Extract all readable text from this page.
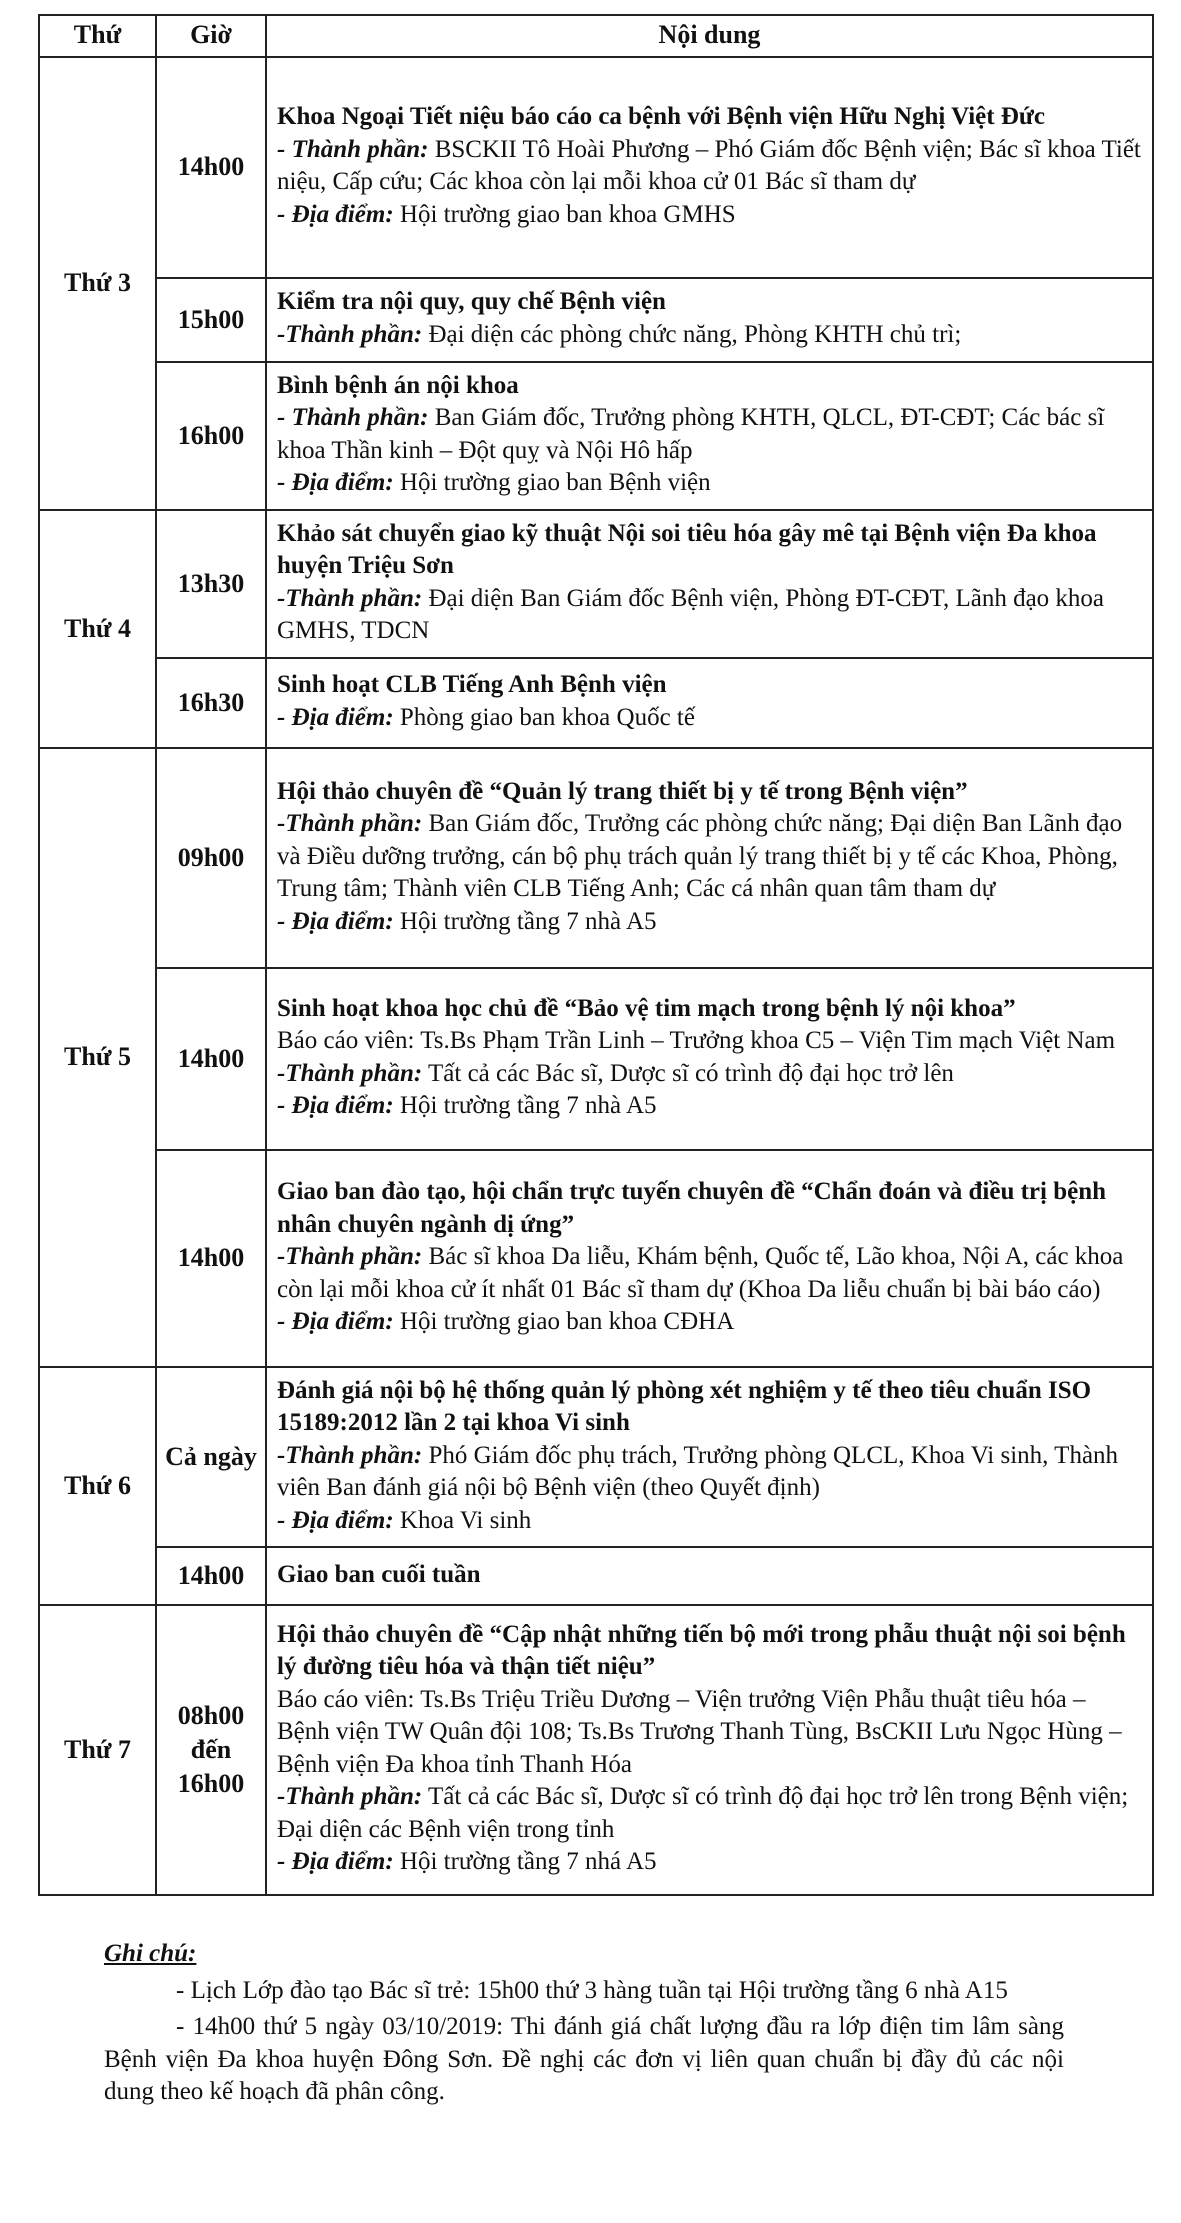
Thứ	Giờ	Nội dung
Thứ 3	14h00	Khoa Ngoại Tiết niệu báo cáo ca bệnh với Bệnh viện Hữu Nghị Việt Đức
- Thành phần: BSCKII Tô Hoài Phương – Phó Giám đốc Bệnh viện; Bác sĩ khoa Tiết niệu, Cấp cứu; Các khoa còn lại mỗi khoa cử 01 Bác sĩ tham dự
- Địa điểm: Hội trường giao ban khoa GMHS

	15h00	Kiểm tra nội quy, quy chế Bệnh viện
-Thành phần: Đại diện các phòng chức năng, Phòng KHTH chủ trì;

	16h00	Bình bệnh án nội khoa
- Thành phần: Ban Giám đốc, Trưởng phòng KHTH, QLCL, ĐT-CĐT; Các bác sĩ khoa Thần kinh – Đột quỵ và Nội Hô hấp
- Địa điểm: Hội trường giao ban Bệnh viện

Thứ 4	13h30	Khảo sát chuyển giao kỹ thuật Nội soi tiêu hóa gây mê tại Bệnh viện Đa khoa huyện Triệu Sơn
-Thành phần: Đại diện Ban Giám đốc Bệnh viện, Phòng ĐT-CĐT, Lãnh đạo khoa GMHS, TDCN

	16h30	Sinh hoạt CLB Tiếng Anh Bệnh viện
- Địa điểm: Phòng giao ban khoa Quốc tế

Thứ 5	09h00	Hội thảo chuyên đề “Quản lý trang thiết bị y tế trong Bệnh viện”
-Thành phần: Ban Giám đốc, Trưởng các phòng chức năng; Đại diện Ban Lãnh đạo và Điều dưỡng trưởng, cán bộ phụ trách quản lý trang thiết bị y tế các Khoa, Phòng, Trung tâm; Thành viên CLB Tiếng Anh; Các cá nhân quan tâm tham dự
- Địa điểm: Hội trường tầng 7 nhà A5

	14h00	Sinh hoạt khoa học chủ đề “Bảo vệ tim mạch trong bệnh lý nội khoa”
Báo cáo viên: Ts.Bs Phạm Trần Linh – Trưởng khoa C5 – Viện Tim mạch Việt Nam
-Thành phần: Tất cả các Bác sĩ, Dược sĩ có trình độ đại học trở lên
- Địa điểm: Hội trường tầng 7 nhà A5

	14h00	Giao ban đào tạo, hội chẩn trực tuyến chuyên đề “Chẩn đoán và điều trị bệnh nhân chuyên ngành dị ứng”
-Thành phần: Bác sĩ khoa Da liễu, Khám bệnh, Quốc tế, Lão khoa, Nội A, các khoa còn lại mỗi khoa cử ít nhất 01 Bác sĩ tham dự (Khoa Da liễu chuẩn bị bài báo cáo)
- Địa điểm: Hội trường giao ban khoa CĐHA

Thứ 6	Cả ngày	Đánh giá nội bộ hệ thống quản lý phòng xét nghiệm y tế theo tiêu chuẩn ISO 15189:2012 lần 2 tại khoa Vi sinh
-Thành phần: Phó Giám đốc phụ trách, Trưởng phòng QLCL, Khoa Vi sinh, Thành viên Ban đánh giá nội bộ Bệnh viện (theo Quyết định)
- Địa điểm: Khoa Vi sinh

	14h00	Giao ban cuối tuần

Thứ 7	08h00 đến 16h00	Hội thảo chuyên đề “Cập nhật những tiến bộ mới trong phẫu thuật nội soi bệnh lý đường tiêu hóa và thận tiết niệu”
Báo cáo viên: Ts.Bs Triệu Triều Dương – Viện trưởng Viện Phẫu thuật tiêu hóa – Bệnh viện TW Quân đội 108; Ts.Bs Trương Thanh Tùng, BsCKII Lưu Ngọc Hùng – Bệnh viện Đa khoa tỉnh Thanh Hóa
-Thành phần: Tất cả các Bác sĩ, Dược sĩ có trình độ đại học trở lên trong Bệnh viện; Đại diện các Bệnh viện trong tỉnh
- Địa điểm: Hội trường tầng 7 nhá A5
Ghi chú:
- Lịch Lớp đào tạo Bác sĩ trẻ: 15h00 thứ 3 hàng tuần tại Hội trường tầng 6 nhà A15
- 14h00 thứ 5 ngày 03/10/2019: Thi đánh giá chất lượng đầu ra lớp điện tim lâm sàng Bệnh viện Đa khoa huyện Đông Sơn. Đề nghị các đơn vị liên quan chuẩn bị đầy đủ các nội dung theo kế hoạch đã phân công.
